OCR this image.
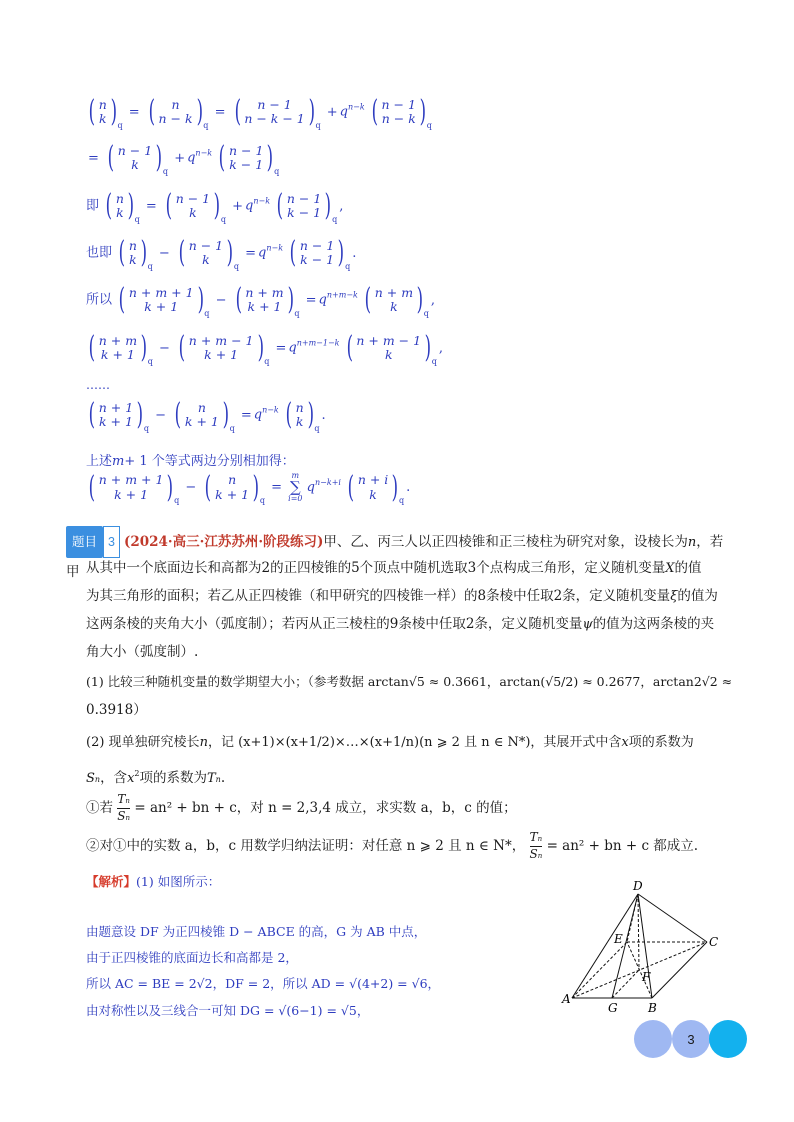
( n
k ) $_q$ = ( n
n − k ) $_q$ = ( n − 1
n − k − 1 ) $_q + q^{n-k}$ ( n − 1
n − k ) $_q$
= ( n − 1
k ) $_q + q^{n-k}$ ( n − 1
k − 1 ) $_q$
即 ( n
k ) $_q$ = ( n − 1
k ) $_q + q^{n-k}$ ( n − 1
k − 1 ) $_q$,
也即 ( n
k ) $_q$ − ( n − 1
k ) $_q = q^{n-k}$ ( n − 1
k − 1 ) $_q$.
所以 ( n + m + 1
k + 1 ) $_q$ − ( n + m
k + 1 ) $_q = q^{n+m-k}$ ( n + m
k ) $_q$,
( n + m
k + 1 ) $_q$ − ( n + m − 1
k + 1 ) $_q = q^{n+m-1-k}$ ( n + m − 1
k ) $_q$,
……
( n + 1
k + 1 ) $_q$ − ( n
k + 1 ) $_q = q^{n-k}$ ( n
k ) $_q$.
上述m+ 1 个等式两边分别相加得：
( n + m + 1
k + 1 ) $_q$ − ( n
k + 1 ) $_q$ =
m
∑
i=0
$q^{n-k+i}$ ( n + i
k ) $_q$.
题目 3 (2024·高三·江苏苏州·阶段练习)甲、乙、丙三人以正四棱锥和正三棱柱为研究对象，设棱长为n，若甲 从其中一个底面边长和高都为2的正四棱锥的5个顶点中随机选取3个点构成三角形，定义随机变量X的值
为其三角形的面积；若乙从正四棱锥（和甲研究的四棱锥一样）的8条棱中任取2条，定义随机变量ξ的值为
这两条棱的夹角大小（弧度制）；若丙从正三棱柱的9条棱中任取2条，定义随机变量ψ的值为这两条棱的夹
角大小（弧度制）.
(1) 比较三种随机变量的数学期望大小；（参考数据 arctan√5 ≈ 0.3661，arctan(√5/2) ≈ 0.2677，arctan2√2 ≈
0.3918）
(2) 现单独研究棱长n，记 (x+1)×(x+1/2)×…×(x+1/n)(n ⩾ 2 且 n ∈ N*)，其展开式中含x项的系数为
Sn，含$x^2$项的系数为Tn.
①若 $\frac{Tn}{Sn} = an^2$ + bn + c，对 n = 2,3,4 成立，求实数 a，b，c 的值；
②对①中的实数 a，b，c 用数学归纳法证明：对任意 n ⩾ 2 且 n ∈ N*， $\frac{Tn}{Sn} = an^2$ + bn + c 都成立.
【解析】(1) 如图所示：
由题意设 DF 为正四棱锥 D − ABCE 的高，G 为 AB 中点，
由于正四棱锥的底面边长和高都是 2，
所以 AC = BE = 2√2，DF = 2，所以 AD = √(4+2) = √6，
由对称性以及三线合一可知 DG = √(6−1) = √5，
D
E	C
F
A
G	B
3
